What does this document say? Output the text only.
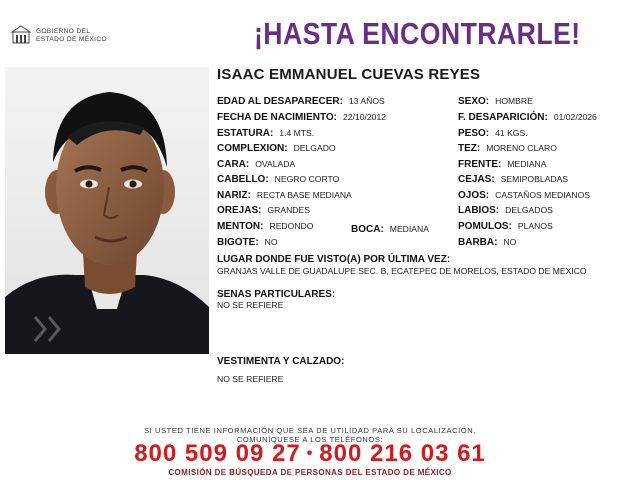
GOBIERNO DEL
ESTADO DE MÉXICO	¡HASTA ENCONTRARLE!
ISAAC EMMANUEL CUEVAS REYES
EDAD AL DESAPARECER: 13 AÑOS
FECHA DE NACIMIENTO: 22/10/2012
ESTATURA: 1.4 MTS.
COMPLEXION: DELGADO
CARA: OVALADA
CABELLO: NEGRO CORTO
NARIZ: RECTA BASE MEDIANA
OREJAS: GRANDES
MENTON: REDONDO	BOCA: MEDIANA
BIGOTE: NO
SEXO: HOMBRE
F. DESAPARICIÓN: 01/02/2026
PESO: 41 KGS.
TEZ: MORENO CLARO
FRENTE: MEDIANA
CEJAS: SEMIPOBLADAS
OJOS: CASTAÑOS MEDIANOS
LABIOS: DELGADOS
POMULOS: PLANOS
BARBA: NO
LUGAR DONDE FUE VISTO(A) POR ÚLTIMA VEZ:
GRANJAS VALLE DE GUADALUPE SEC. B, ECATEPEC DE MORELOS, ESTADO DE MEXICO
SENAS PARTICULARES:
NO SE REFIERE
VESTIMENTA Y CALZADO:
NO SE REFIERE
SI USTED TIENE INFORMACIÓN QUE SEA DE UTILIDAD PARA SU LOCALIZACIÓN,
COMUNÍQUESE A LOS TELÉFONOS:
800 509 09 27 • 800 216 03 61
COMISIÓN DE BÚSQUEDA DE PERSONAS DEL ESTADO DE MÉXICO
